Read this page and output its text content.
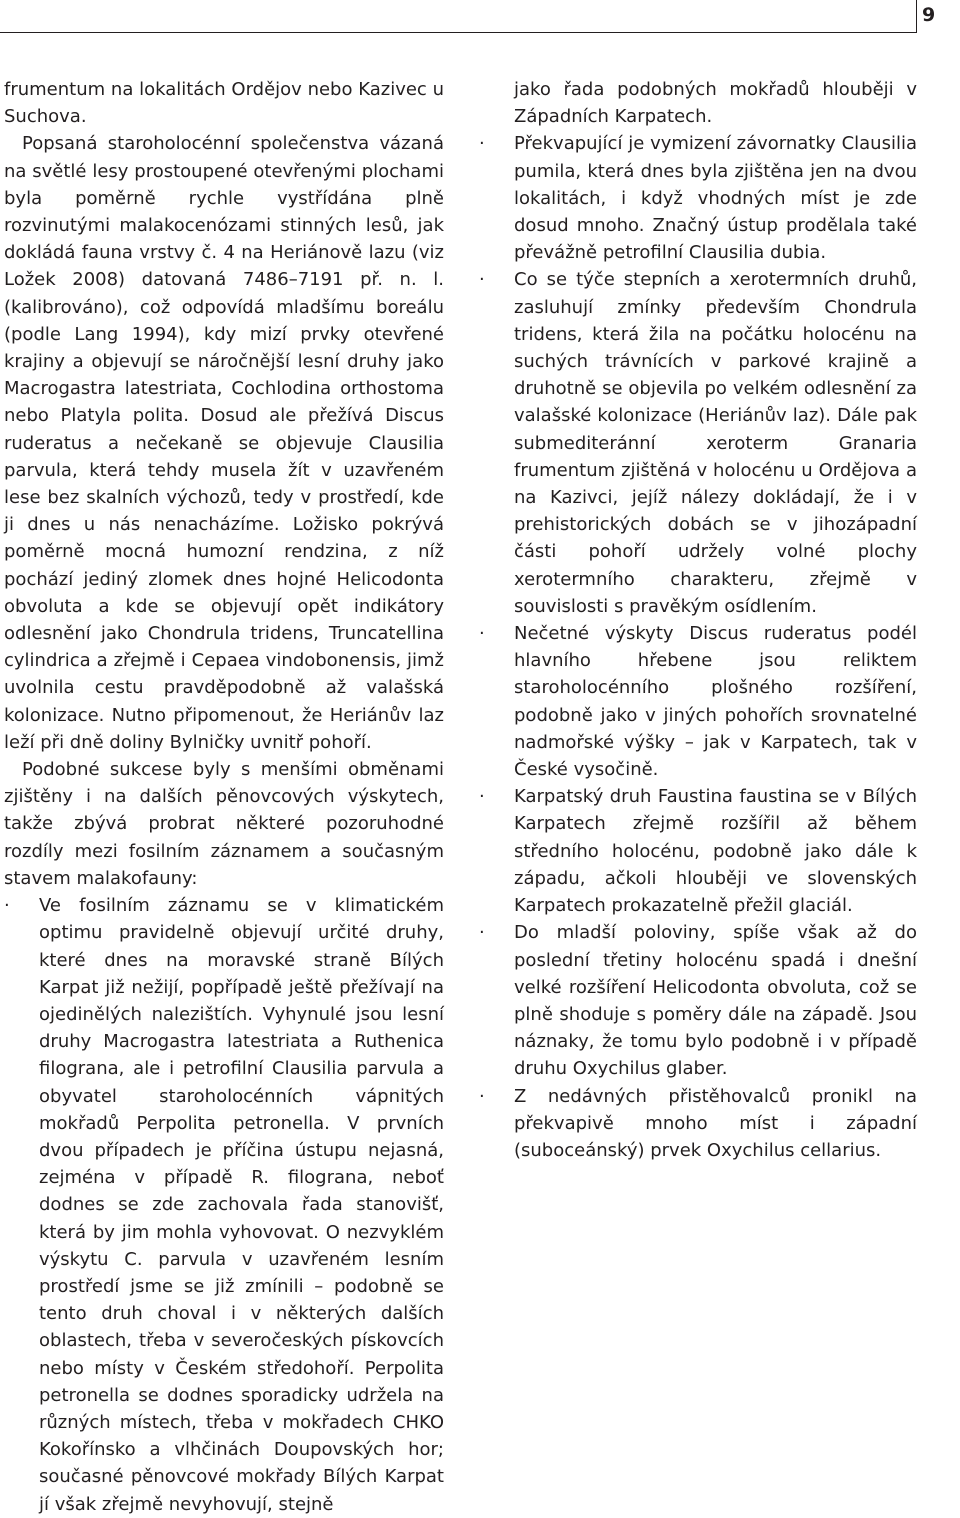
9

frumentum na lokalitách Ordějov nebo Kazivec u Suchova.

Popsaná staroholocénní společenstva vázaná na světlé lesy prostoupené otevřenými plochami byla poměrně rychle vystřídána plně rozvinutými malakocenózami stinných lesů, jak dokládá fauna vrstvy č. 4 na Heriánově lazu (viz Ložek 2008) datovaná 7486–7191 př. n. l. (kalibrováno), což odpovídá mladšímu boreálu (podle Lang 1994), kdy mizí prvky otevřené krajiny a objevují se náročnější lesní druhy jako Macrogastra latestriata, Cochlodina orthostoma nebo Platyla polita. Dosud ale přežívá Discus ruderatus a nečekaně se objevuje Clausilia parvula, která tehdy musela žít v uzavřeném lese bez skalních výchozů, tedy v prostředí, kde ji dnes u nás nenacházíme. Ložisko pokrývá poměrně mocná humozní rendzina, z níž pochází jediný zlomek dnes hojné Helicodonta obvoluta a kde se objevují opět indikátory odlesnění jako Chondrula tridens, Truncatellina cylindrica a zřejmě i Cepaea vindobonensis, jimž uvolnila cestu pravděpodobně až valašská kolonizace. Nutno připomenout, že Heriánův laz leží při dně doliny Bylničky uvnitř pohoří.

Podobné sukcese byly s menšími obměnami zjištěny i na dalších pěnovcových výskytech, takže zbývá probrat některé pozoruhodné rozdíly mezi fosilním záznamem a současným stavem malakofauny:

· Ve fosilním záznamu se v klimatickém optimu pravidelně objevují určité druhy, které dnes na moravské straně Bílých Karpat již nežijí, popřípadě ještě přežívají na ojedinělých nalezištích. Vyhynulé jsou lesní druhy Macrogastra latestriata a Ruthenica filograna, ale i petrofilní Clausilia parvula a obyvatel staroholocénních vápnitých mokřadů Perpolita petronella. V prvních dvou případech je příčina ústupu nejasná, zejména v případě R. filograna, neboť dodnes se zde zachovala řada stanovišť, která by jim mohla vyhovovat. O nezvyklém výskytu C. parvula v uzavřeném lesním prostředí jsme se již zmínili – podobně se tento druh choval i v některých dalších oblastech, třeba v severočeských pískovcích nebo místy v Českém středohoří. Perpolita petronella se dodnes sporadicky udržela na různých místech, třeba v mokřadech CHKO Kokořínsko a vlhčinách Doupovských hor; současné pěnovcové mokřady Bílých Karpat jí však zřejmě nevyhovují, stejně
jako řada podobných mokřadů hlouběji v Západních Karpatech.
· Překvapující je vymizení závornatky Clausilia pumila, která dnes byla zjištěna jen na dvou lokalitách, i když vhodných míst je zde dosud mnoho. Značný ústup prodělala také převážně petrofilní Clausilia dubia.
· Co se týče stepních a xerotermních druhů, zasluhují zmínky především Chondrula tridens, která žila na počátku holocénu na suchých trávnících v parkové krajině a druhotně se objevila po velkém odlesnění za valašské kolonizace (Heriánův laz). Dále pak submediteránní xeroterm Granaria frumentum zjištěná v holocénu u Ordějova a na Kazivci, jejíž nálezy dokládají, že i v prehistorických dobách se v jihozápadní části pohoří udržely volné plochy xerotermního charakteru, zřejmě v souvislosti s pravěkým osídlením.
· Nečetné výskyty Discus ruderatus podél hlavního hřebene jsou reliktem staroholocénního plošného rozšíření, podobně jako v jiných pohořích srovnatelné nadmořské výšky – jak v Karpatech, tak v České vysočině.
· Karpatský druh Faustina faustina se v Bílých Karpatech zřejmě rozšířil až během středního holocénu, podobně jako dále k západu, ačkoli hlouběji ve slovenských Karpatech prokazatelně přežil glaciál.
· Do mladší poloviny, spíše však až do poslední třetiny holocénu spadá i dnešní velké rozšíření Helicodonta obvoluta, což se plně shoduje s poměry dále na západě. Jsou náznaky, že tomu bylo podobně i v případě druhu Oxychilus glaber.
· Z nedávných přistěhovalců pronikl na překvapivě mnoho míst i západní (suboceánský) prvek Oxychilus cellarius.
